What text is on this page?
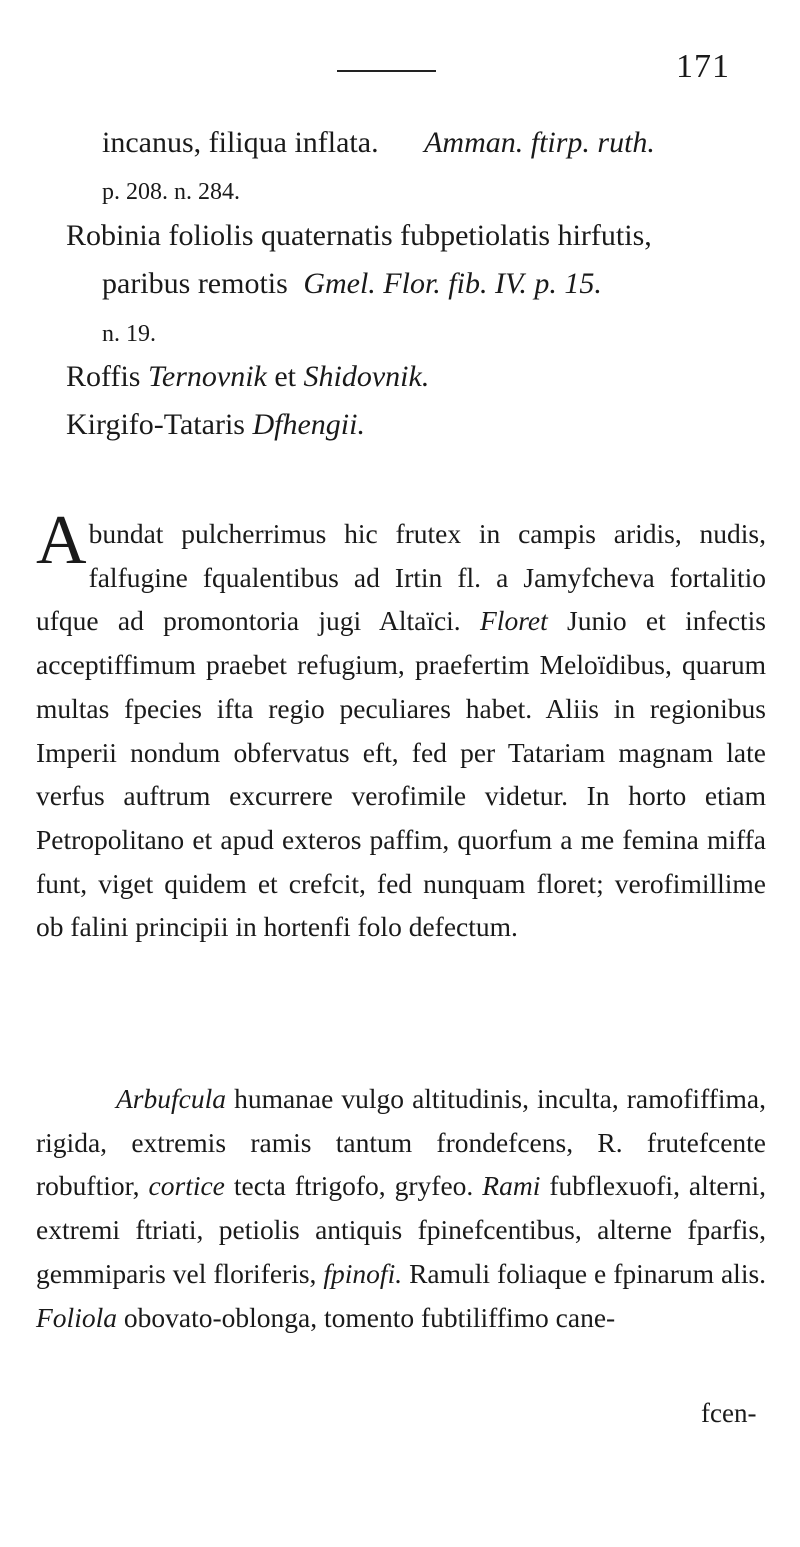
171
incanus, filiqua inflata. Amman. ftirp. ruth.
p. 208. n. 284.
Robinia foliolis quaternatis fubpetiolatis hirfutis,
paribus remotis Gmel. Flor. fib. IV. p. 15.
n. 19.
Roffis Ternovnik et Shidovnik.
Kirgifo-Tataris Dfhengii.
Abundat pulcherrimus hic frutex in campis aridis, nudis, falfugine fqualentibus ad Irtin fl. a Jamyfcheva fortalitio ufque ad promontoria jugi Altaïci. Floret Junio et infectis acceptiffimum praebet refugium, praefertim Meloïdibus, quarum multas fpecies ifta regio peculiares habet. Aliis in regionibus Imperii nondum obfervatus eft, fed per Tatariam magnam late verfus auftrum excurrere verofimile videtur. In horto etiam Petropolitano et apud exteros paffim, quorfum a me femina miffa funt, viget quidem et crefcit, fed nunquam floret; verofimillime ob falini principii in hortenfi folo defectum.
Arbufcula humanae vulgo altitudinis, inculta, ramofiffima, rigida, extremis ramis tantum frondefcens, R. frutefcente robuftior, cortice tecta ftrigofo, gryfeo. Rami fubflexuofi, alterni, extremi ftriati, petiolis antiquis fpinefcentibus, alterne fparfis, gemmiparis vel floriferis, fpinofi. Ramuli foliaque e fpinarum alis. Foliola obovato-oblonga, tomento fubtiliffimo cane-
fcen-
